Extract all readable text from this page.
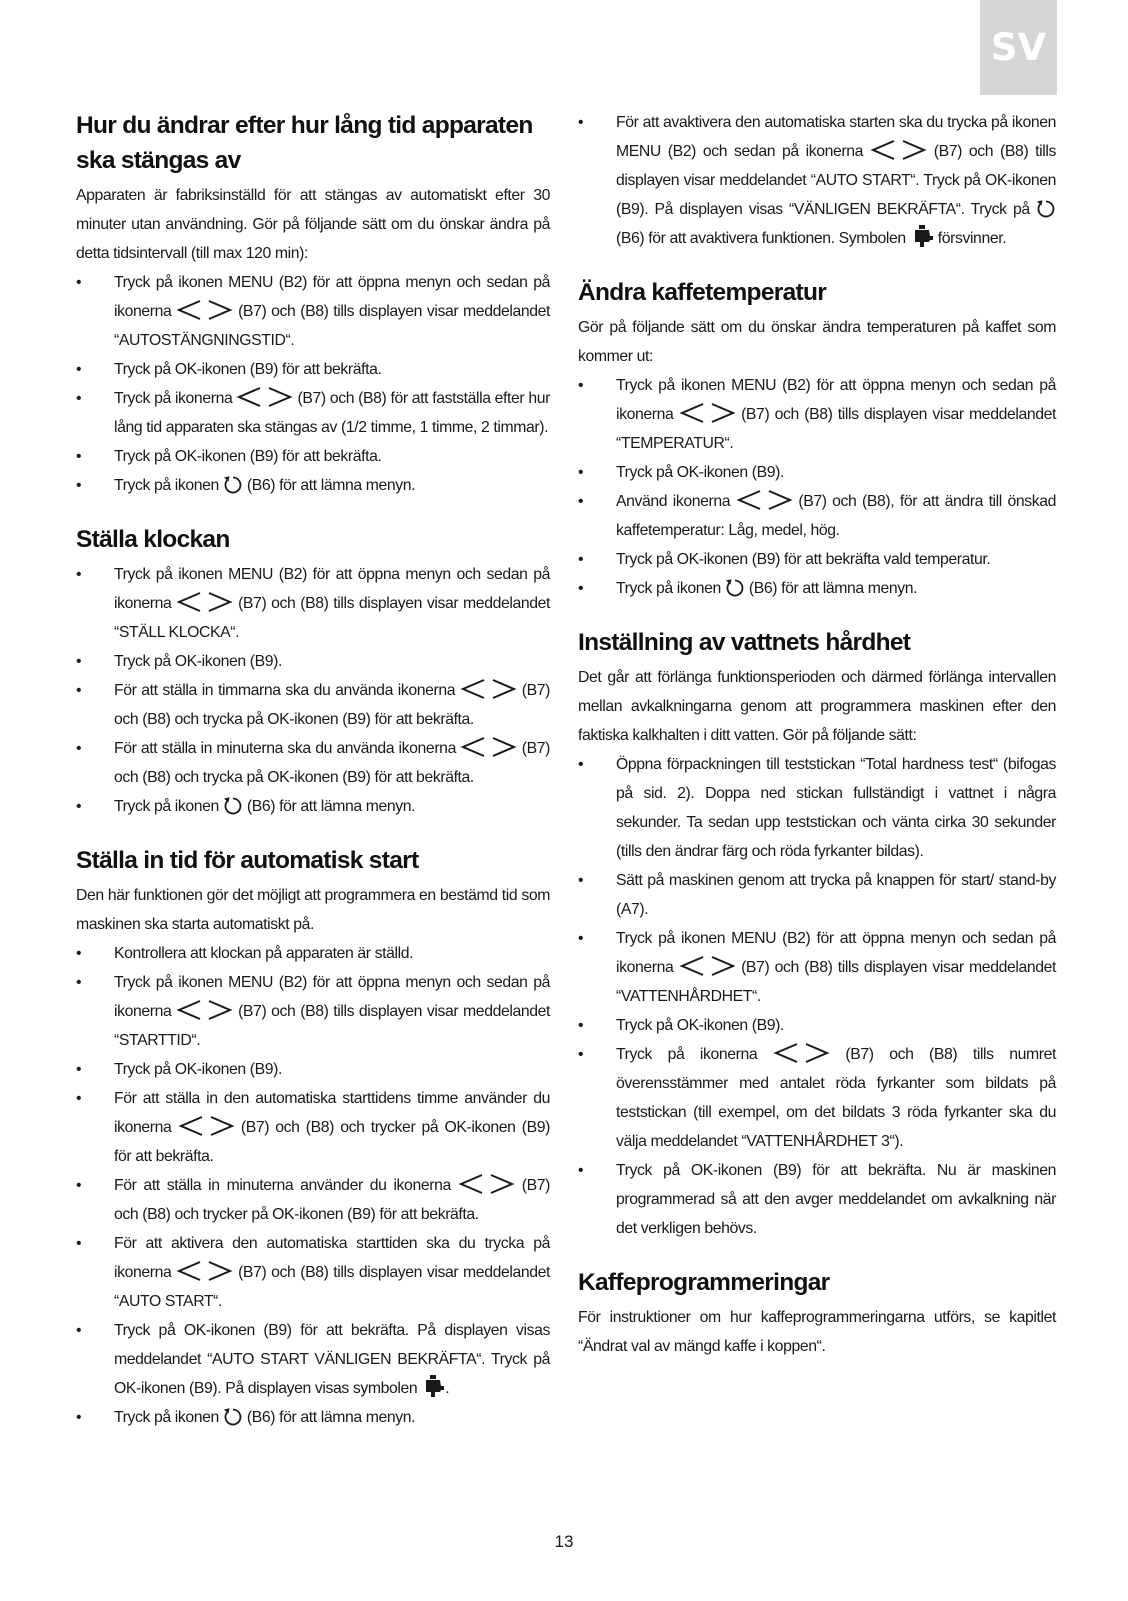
SV
Hur du ändrar efter hur lång tid apparaten ska stängas av

Apparaten är fabriksinställd för att stängas av automatiskt efter 30 minuter utan användning. Gör på följande sätt om du önskar ändra på detta tidsintervall (till max 120 min):

• Tryck på ikonen MENU (B2) för att öppna menyn och sedan på ikonerna	(B7) och (B8) tills displayen visar meddelandet “AUTOSTÄNGNINGSTID“.
• Tryck på OK-ikonen (B9) för att bekräfta.
• Tryck på ikonerna	(B7) och (B8) för att fastställa efter hur lång tid apparaten ska stängas av (1/2 timme, 1 timme, 2 timmar).
• Tryck på OK-ikonen (B9) för att bekräfta.
• Tryck på ikonen (B6) för att lämna menyn.
Ställa klockan
• Tryck på ikonen MENU (B2) för att öppna menyn och sedan på ikonerna	(B7) och (B8) tills displayen visar meddelandet “STÄLL KLOCKA“.
• Tryck på OK-ikonen (B9).
• För att ställa in timmarna ska du använda ikonerna	(B7) och (B8) och trycka på OK-ikonen (B9) för att bekräfta.
• För att ställa in minuterna ska du använda ikonerna	(B7) och (B8) och trycka på OK-ikonen (B9) för att bekräfta.
• Tryck på ikonen (B6) för att lämna menyn.
Ställa in tid för automatisk start

Den här funktionen gör det möjligt att programmera en bestämd tid som maskinen ska starta automatiskt på.

• Kontrollera att klockan på apparaten är ställd.
• Tryck på ikonen MENU (B2) för att öppna menyn och sedan på ikonerna	(B7) och (B8) tills displayen visar meddelandet “STARTTID“.
• Tryck på OK-ikonen (B9).
• För att ställa in den automatiska starttidens timme använder du ikonerna	(B7) och (B8) och trycker på OK-ikonen (B9) för att bekräfta.
• För att ställa in minuterna använder du ikonerna	(B7) och (B8) och trycker på OK-ikonen (B9) för att bekräfta.
• För att aktivera den automatiska starttiden ska du trycka på ikonerna	(B7) och (B8) tills displayen visar meddelandet “AUTO START“.
• Tryck på OK-ikonen (B9) för att bekräfta. På displayen visas meddelandet “AUTO START VÄNLIGEN BEKRÄFTA“. Tryck på OK-ikonen (B9). På displayen visas symbolen .
• Tryck på ikonen (B6) för att lämna menyn.
• För att avaktivera den automatiska starten ska du trycka på ikonen MENU (B2) och sedan på ikonerna	(B7) och (B8) tills displayen visar meddelandet “AUTO START“. Tryck på OK-ikonen (B9). På displayen visas “VÄNLIGEN BEKRÄFTA“. Tryck på  (B6) för att avaktivera funktionen. Symbolen försvinner.
Ändra kaffetemperatur

Gör på följande sätt om du önskar ändra temperaturen på kaffet som kommer ut:

• Tryck på ikonen MENU (B2) för att öppna menyn och sedan på ikonerna	(B7) och (B8) tills displayen visar meddelandet “TEMPERATUR“.
• Tryck på OK-ikonen (B9).
• Använd ikonerna	(B7) och (B8), för att ändra till önskad kaffetemperatur: Låg, medel, hög.
• Tryck på OK-ikonen (B9) för att bekräfta vald temperatur.
• Tryck på ikonen (B6) för att lämna menyn.
Inställning av vattnets hårdhet

Det går att förlänga funktionsperioden och därmed förlänga intervallen mellan avkalkningarna genom att programmera maskinen efter den faktiska kalkhalten i ditt vatten. Gör på följande sätt:

• Öppna förpackningen till teststickan “Total hardness test“ (bifogas på sid. 2). Doppa ned stickan fullständigt i vattnet i några sekunder. Ta sedan upp teststickan och vänta cirka 30 sekunder (tills den ändrar färg och röda fyrkanter bildas).
• Sätt på maskinen genom att trycka på knappen för start/ stand-by (A7).
• Tryck på ikonen MENU (B2) för att öppna menyn och sedan på ikonerna	(B7) och (B8) tills displayen visar meddelandet “VATTENHÅRDHET“.
• Tryck på OK-ikonen (B9).
• Tryck på ikonerna	(B7) och (B8) tills numret överensstämmer med antalet röda fyrkanter som bildats på teststickan (till exempel, om det bildats 3 röda fyrkanter ska du välja meddelandet “VATTENHÅRDHET 3“).
• Tryck på OK-ikonen (B9) för att bekräfta. Nu är maskinen programmerad så att den avger meddelandet om avkalkning när det verkligen behövs.
Kaffeprogrammeringar

För instruktioner om hur kaffeprogrammeringarna utförs, se kapitlet “Ändrat val av mängd kaffe i koppen“.

13
